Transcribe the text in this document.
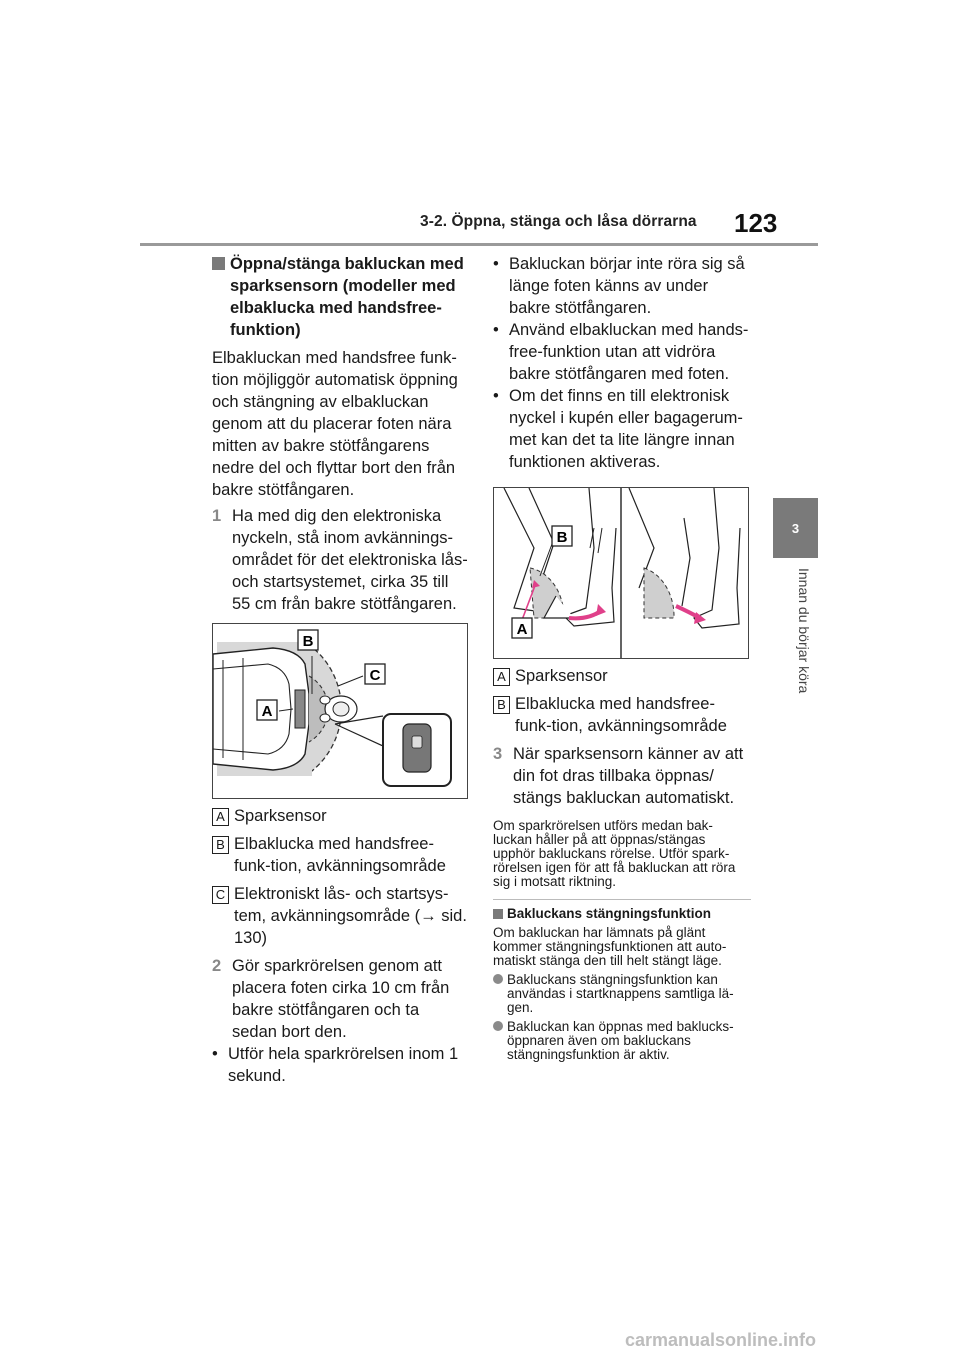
3-2. Öppna, stänga och låsa dörrarna 123
3
Innan du börjar köra
Öppna/stänga bakluckan med sparksensorn (modeller med elbaklucka med handsfree-funktion)

Elbakluckan med handsfree funk-tion möjliggör automatisk öppning och stängning av elbakluckan genom att du placerar foten nära mitten av bakre stötfångarens nedre del och flyttar bort den från bakre stötfångaren.

1 Ha med dig den elektroniska nyckeln, stå inom avkännings-området för det elektroniska lås- och startsystemet, cirka 35 till 55 cm från bakre stötfångaren.
B
C
A
A Sparksensor
B Elbaklucka med handsfree-funk-tion, avkänningsområde
C Elektroniskt lås- och startsys-tem, avkänningsområde (→ sid. 130)
2 Gör sparkrörelsen genom att placera foten cirka 10 cm från bakre stötfångaren och ta sedan bort den.
• Utför hela sparkrörelsen inom 1 sekund.
• Bakluckan börjar inte röra sig så länge foten känns av under bakre stötfångaren.
• Använd elbakluckan med hands-free-funktion utan att vidröra bakre stötfångaren med foten.
• Om det finns en till elektronisk nyckel i kupén eller bagagerum-met kan det ta lite längre innan funktionen aktiveras.
B
A
A Sparksensor
B Elbaklucka med handsfree-funk-tion, avkänningsområde
3 När sparksensorn känner av att din fot dras tillbaka öppnas/ stängs bakluckan automatiskt.

Om sparkrörelsen utförs medan bak-luckan håller på att öppnas/stängas upphör bakluckans rörelse. Utför spark-rörelsen igen för att få bakluckan att röra sig i motsatt riktning.

Bakluckans stängningsfunktion

Om bakluckan har lämnats på glänt kommer stängningsfunktionen att auto-matiskt stänga den till helt stängt läge.

Bakluckans stängningsfunktion kan användas i startknappens samtliga lä-gen.
Bakluckan kan öppnas med baklucks-öppnaren även om bakluckans stängningsfunktion är aktiv.
carmanualsonline.info
